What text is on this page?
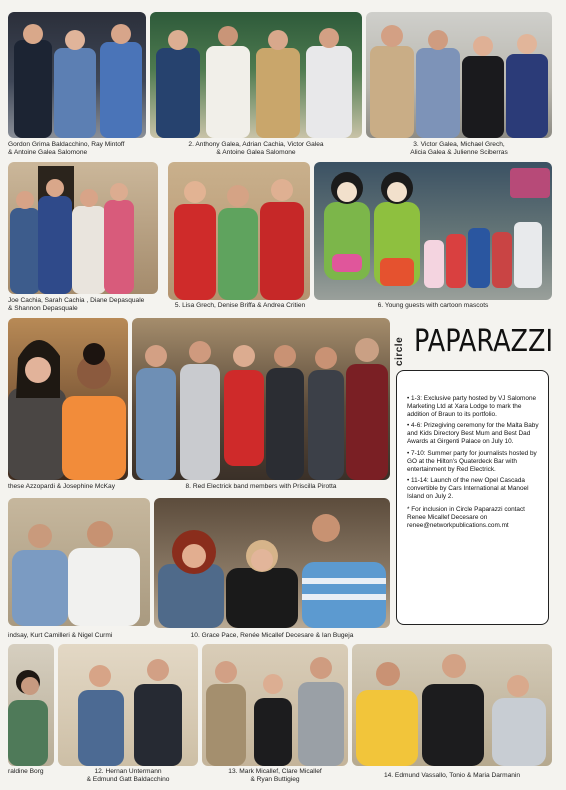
Gordon Grima Baldacchino, Ray Mintoff
& Antoine Galea Salomone
2. Anthony Galea, Adrian Cachia, Victor Galea
& Antoine Galea Salomone
3. Victor Galea, Michael Grech,
Alicia Galea & Julienne Sciberras
Joe Cachia, Sarah Cachia , Diane Depasquale
& Shannon Depasquale	5. Lisa Grech, Denise Briffa & Andrea Critien	6. Young guests with cartoon mascots
these Azzopardi & Josephine McKay	8. Red Electrick band members with Priscilla Pirotta
circle PAPARAZZI

• 1-3: Exclusive party hosted by VJ Salomone Marketing Ltd at Xara Lodge to mark the addition of Braun to its portfolio.

• 4-6: Prizegiving ceremony for the Malta Baby and Kids Directory Best Mum and Best Dad Awards at Girgenti Palace on July 10.

• 7-10: Summer party for journalists hosted by GO at the Hilton's Quaterdeck Bar with entertainment by Red Electrick.

• 11-14: Launch of the new Opel Cascada convertible by Cars International at Manoel Island on July 2.

* For inclusion in Circle Paparazzi contact Renee Micallef Decesare on renee@networkpublications.com.mt

indsay, Kurt Camilleri & Nigel Curmi	10. Grace Pace, Renée Micallef Decesare & Ian Bugeja
raldine Borg	12. Hernan Untermann
& Edmund Gatt Baldacchino
13. Mark Micallef, Clare Micallef
& Ryan Buttigieg
14. Edmund Vassallo, Tonio & Maria Darmanin
